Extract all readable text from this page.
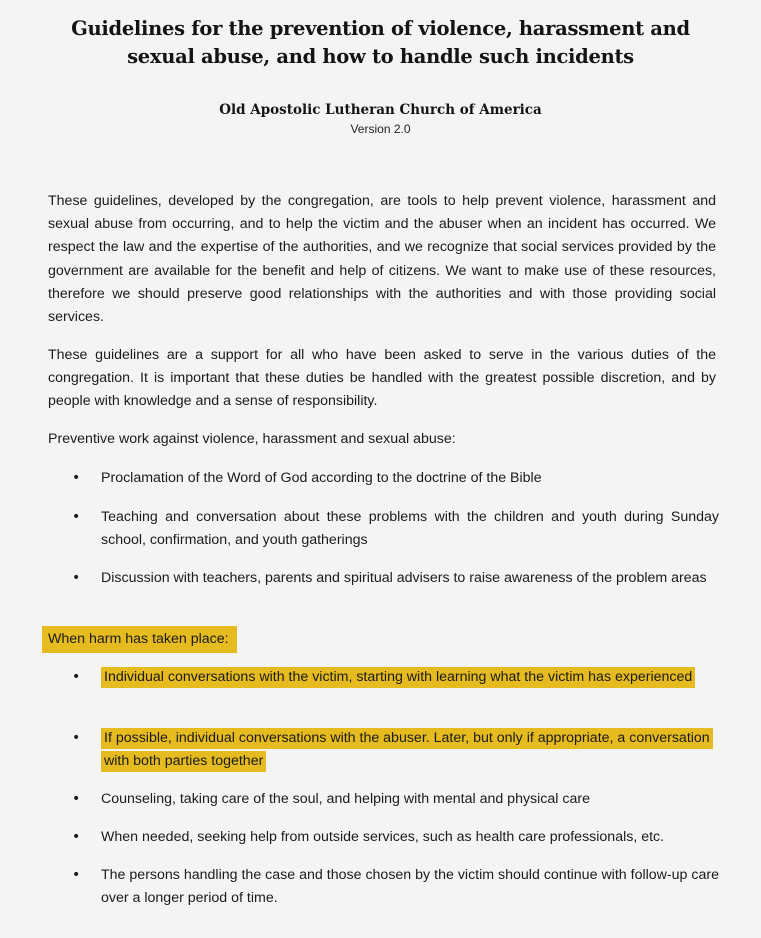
Guidelines for the prevention of violence, harassment and sexual abuse, and how to handle such incidents

Old Apostolic Lutheran Church of America

Version 2.0

These guidelines, developed by the congregation, are tools to help prevent violence, harassment and sexual abuse from occurring, and to help the victim and the abuser when an incident has occurred. We respect the law and the expertise of the authorities, and we recognize that social services provided by the government are available for the benefit and help of citizens. We want to make use of these resources, therefore we should preserve good relationships with the authorities and with those providing social services.

These guidelines are a support for all who have been asked to serve in the various duties of the congregation. It is important that these duties be handled with the greatest possible discretion, and by people with knowledge and a sense of responsibility.

Preventive work against violence, harassment and sexual abuse:

•	Proclamation of the Word of God according to the doctrine of the Bible

•	Teaching and conversation about these problems with the children and youth during Sunday school, confirmation, and youth gatherings

•	Discussion with teachers, parents and spiritual advisers to raise awareness of the problem areas

When harm has taken place:
•	Individual conversations with the victim, starting with learning what the victim has experienced

•	If possible, individual conversations with the abuser. Later, but only if appropriate, a conversation with both parties together

•	Counseling, taking care of the soul, and helping with mental and physical care

•	When needed, seeking help from outside services, such as health care professionals, etc.

•	The persons handling the case and those chosen by the victim should continue with follow-up care over a longer period of time.
